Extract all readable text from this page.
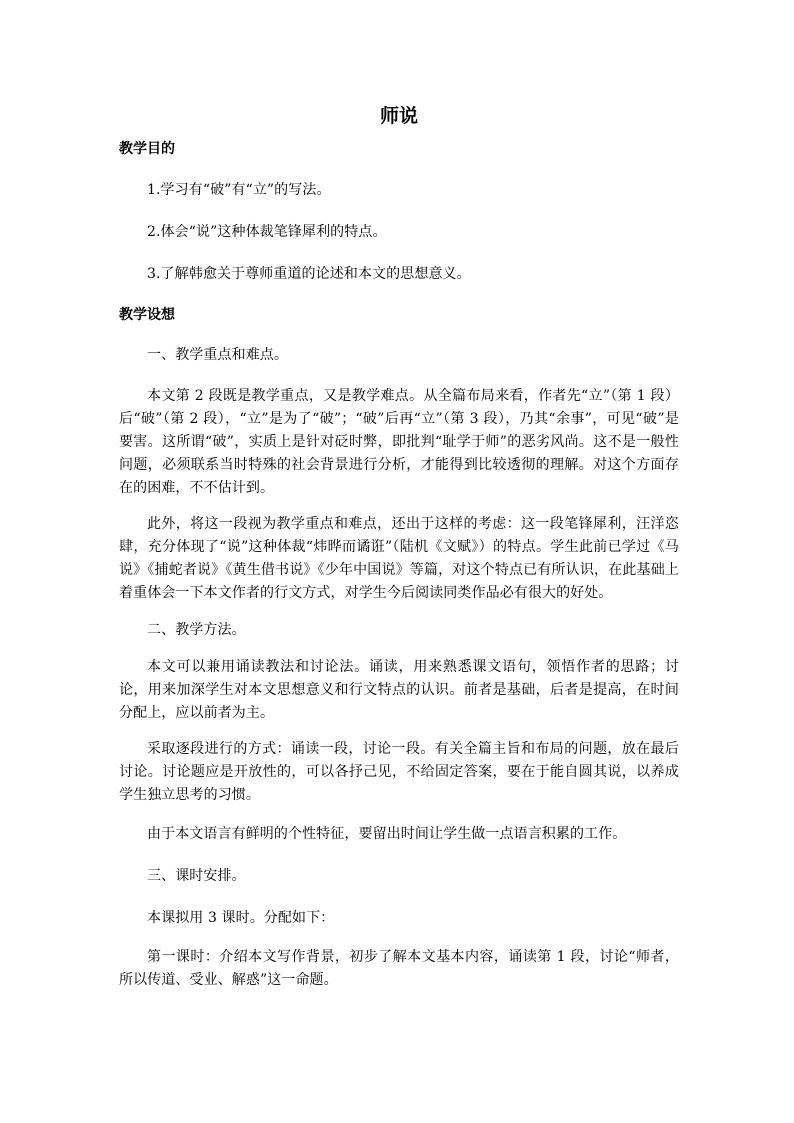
师说
教学目的

1.学习有“破”有“立”的写法。

2.体会“说”这种体裁笔锋犀利的特点。

3.了解韩愈关于尊师重道的论述和本文的思想意义。

教学设想

一、教学重点和难点。

本文第 2 段既是教学重点，又是教学难点。从全篇布局来看，作者先“立”（第 1 段）后“破”（第 2 段），“立”是为了“破”；“破”后再“立”（第 3 段），乃其“余事”，可见“破”是要害。这所谓“破”，实质上是针对砭时弊，即批判“耻学于师”的恶劣风尚。这不是一般性问题，必须联系当时特殊的社会背景进行分析，才能得到比较透彻的理解。对这个方面存在的困难，不不估计到。

此外，将这一段视为教学重点和难点，还出于这样的考虑：这一段笔锋犀利，汪洋恣肆，充分体现了“说”这种体裁“炜晔而谲诳”（陆机《文赋》）的特点。学生此前已学过《马说》《捕蛇者说》《黄生借书说》《少年中国说》等篇，对这个特点已有所认识，在此基础上着重体会一下本文作者的行文方式，对学生今后阅读同类作品必有很大的好处。

二、教学方法。

本文可以兼用诵读教法和讨论法。诵读，用来熟悉课文语句，领悟作者的思路；讨论，用来加深学生对本文思想意义和行文特点的认识。前者是基础，后者是提高，在时间分配上，应以前者为主。

采取逐段进行的方式：诵读一段，讨论一段。有关全篇主旨和布局的问题，放在最后讨论。讨论题应是开放性的，可以各抒己见，不给固定答案，要在于能自圆其说，以养成学生独立思考的习惯。

由于本文语言有鲜明的个性特征，要留出时间让学生做一点语言积累的工作。

三、课时安排。

本课拟用 3 课时。分配如下：

第一课时：介绍本文写作背景，初步了解本文基本内容，诵读第 1 段，讨论“师者，所以传道、受业、解惑”这一命题。
